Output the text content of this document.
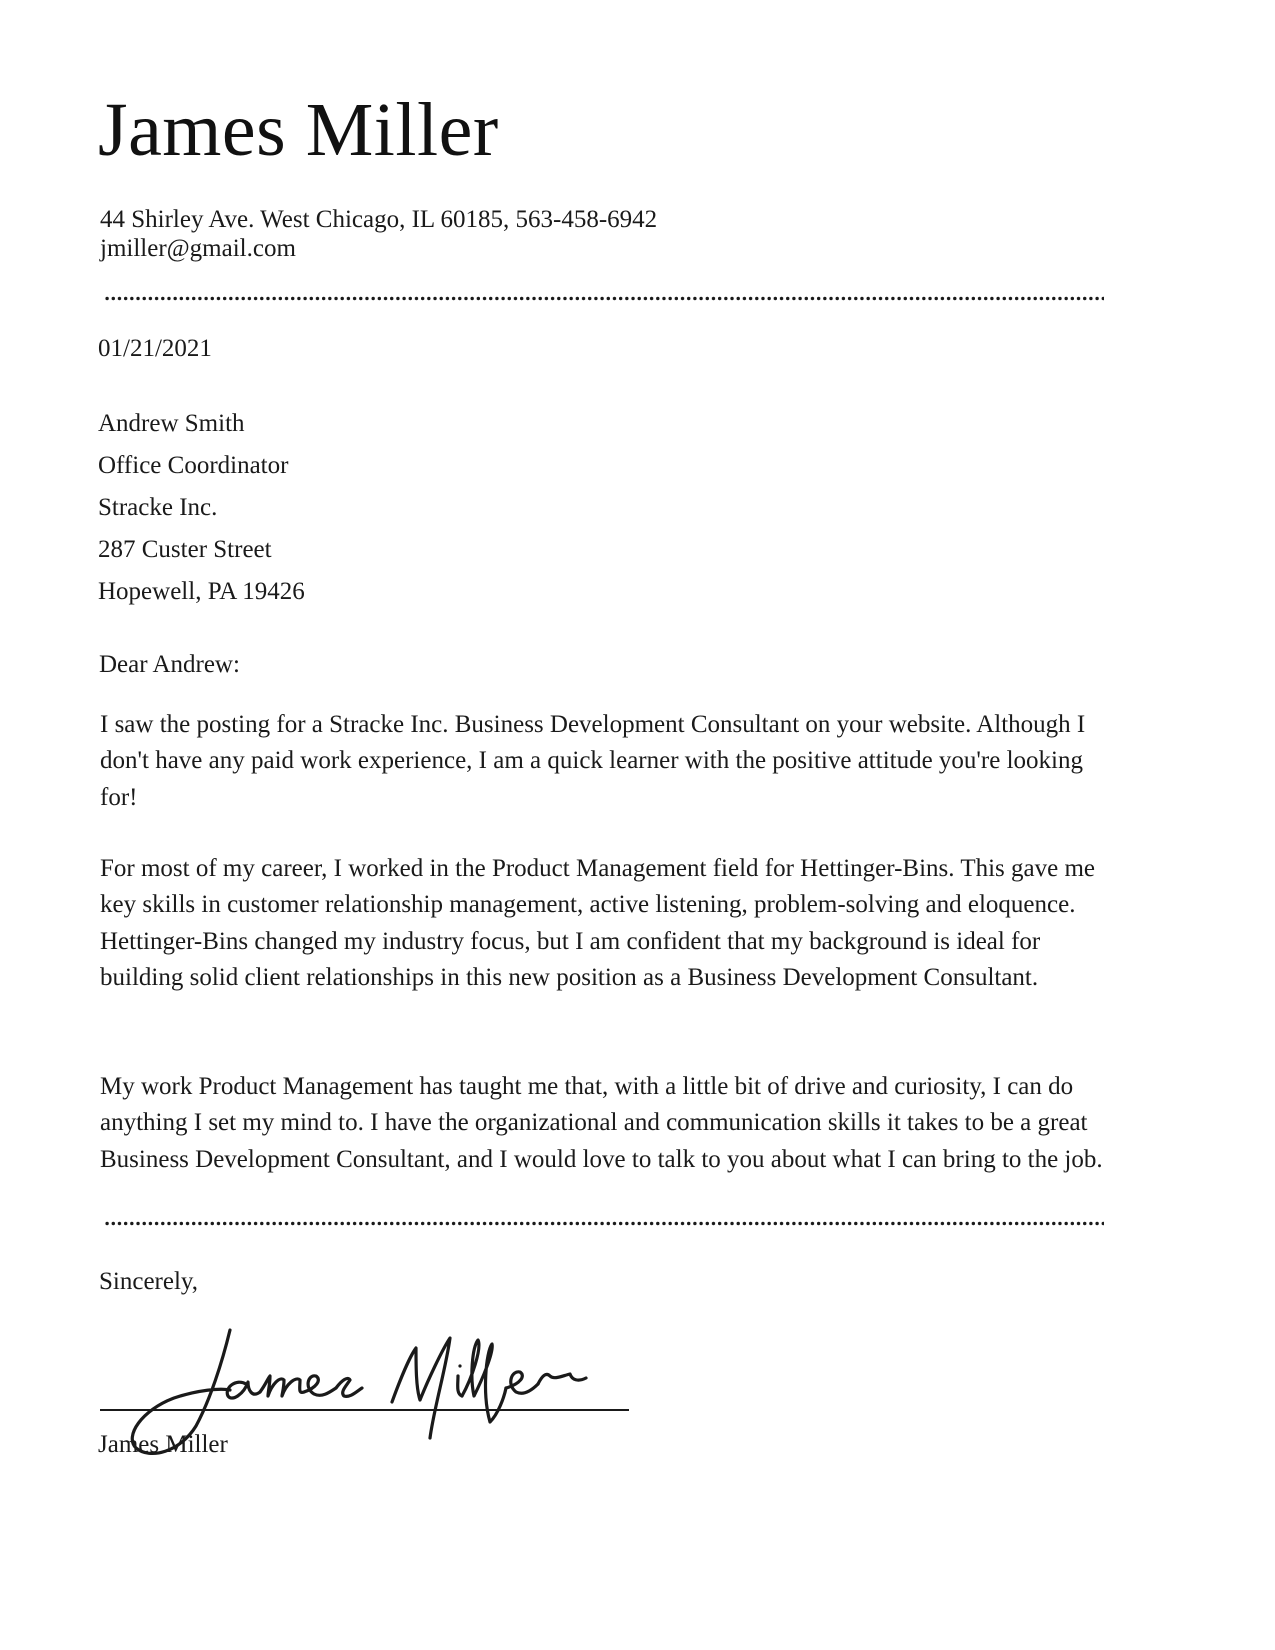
James Miller
44 Shirley Ave. West Chicago, IL 60185, 563-458-6942
jmiller@gmail.com
01/21/2021
Andrew Smith
Office Coordinator
Stracke Inc.
287 Custer Street
Hopewell, PA 19426
Dear Andrew:
I saw the posting for a Stracke Inc. Business Development Consultant on your website. Although I don't have any paid work experience, I am a quick learner with the positive attitude you're looking for!
For most of my career, I worked in the Product Management field for Hettinger-Bins. This gave me key skills in customer relationship management, active listening, problem-solving and eloquence. Hettinger-Bins changed my industry focus, but I am confident that my background is ideal for building solid client relationships in this new position as a Business Development Consultant.
My work Product Management has taught me that, with a little bit of drive and curiosity, I can do anything I set my mind to. I have the organizational and communication skills it takes to be a great Business Development Consultant, and I would love to talk to you about what I can bring to the job.
Sincerely,
James Miller
